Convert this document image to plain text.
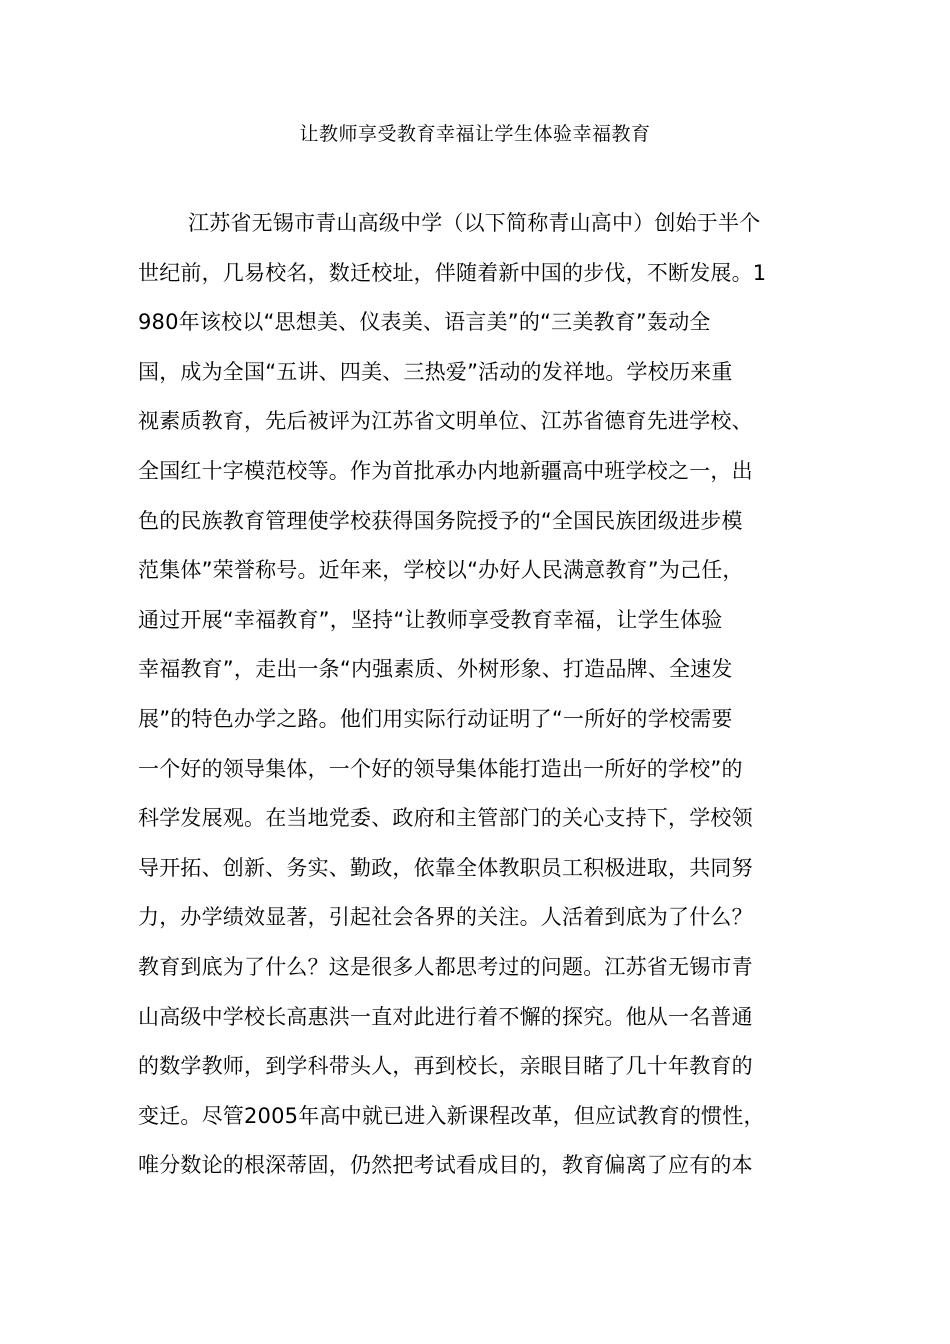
让教师享受教育幸福让学生体验幸福教育
江苏省无锡市青山高级中学（以下简称青山高中）创始于半个
世纪前，几易校名，数迁校址，伴随着新中国的步伐，不断发展。1
980年该校以“思想美、仪表美、语言美”的“三美教育”轰动全
国，成为全国“五讲、四美、三热爱”活动的发祥地。学校历来重
视素质教育，先后被评为江苏省文明单位、江苏省德育先进学校、
全国红十字模范校等。作为首批承办内地新疆高中班学校之一，出
色的民族教育管理使学校获得国务院授予的“全国民族团级进步模
范集体”荣誉称号。近年来，学校以“办好人民满意教育”为己任，
通过开展“幸福教育”，坚持“让教师享受教育幸福，让学生体验
幸福教育”，走出一条“内强素质、外树形象、打造品牌、全速发
展”的特色办学之路。他们用实际行动证明了“一所好的学校需要
一个好的领导集体，一个好的领导集体能打造出一所好的学校”的
科学发展观。在当地党委、政府和主管部门的关心支持下，学校领
导开拓、创新、务实、勤政，依靠全体教职员工积极进取，共同努
力，办学绩效显著，引起社会各界的关注。人活着到底为了什么？
教育到底为了什么？这是很多人都思考过的问题。江苏省无锡市青
山高级中学校长高惠洪一直对此进行着不懈的探究。他从一名普通
的数学教师，到学科带头人，再到校长，亲眼目睹了几十年教育的
变迁。尽管2005年高中就已进入新课程改革，但应试教育的惯性，
唯分数论的根深蒂固，仍然把考试看成目的，教育偏离了应有的本
